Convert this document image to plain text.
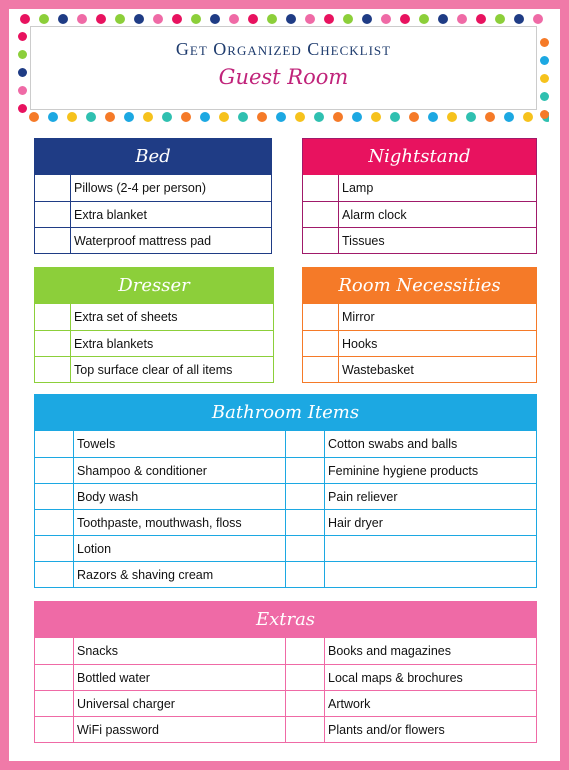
Get Organized Checklist
Guest Room
Bed
Pillows (2-4 per person)
Extra blanket
Waterproof mattress pad
Nightstand
Lamp
Alarm clock
Tissues
Dresser
Extra set of sheets
Extra blankets
Top surface clear of all items
Room Necessities
Mirror
Hooks
Wastebasket
Bathroom Items
Towels
Shampoo & conditioner
Body wash
Toothpaste, mouthwash, floss
Lotion
Razors & shaving cream
Cotton swabs and balls
Feminine hygiene products
Pain reliever
Hair dryer
Extras
Snacks
Bottled water
Universal charger
WiFi password
Books and magazines
Local maps & brochures
Artwork
Plants and/or flowers
